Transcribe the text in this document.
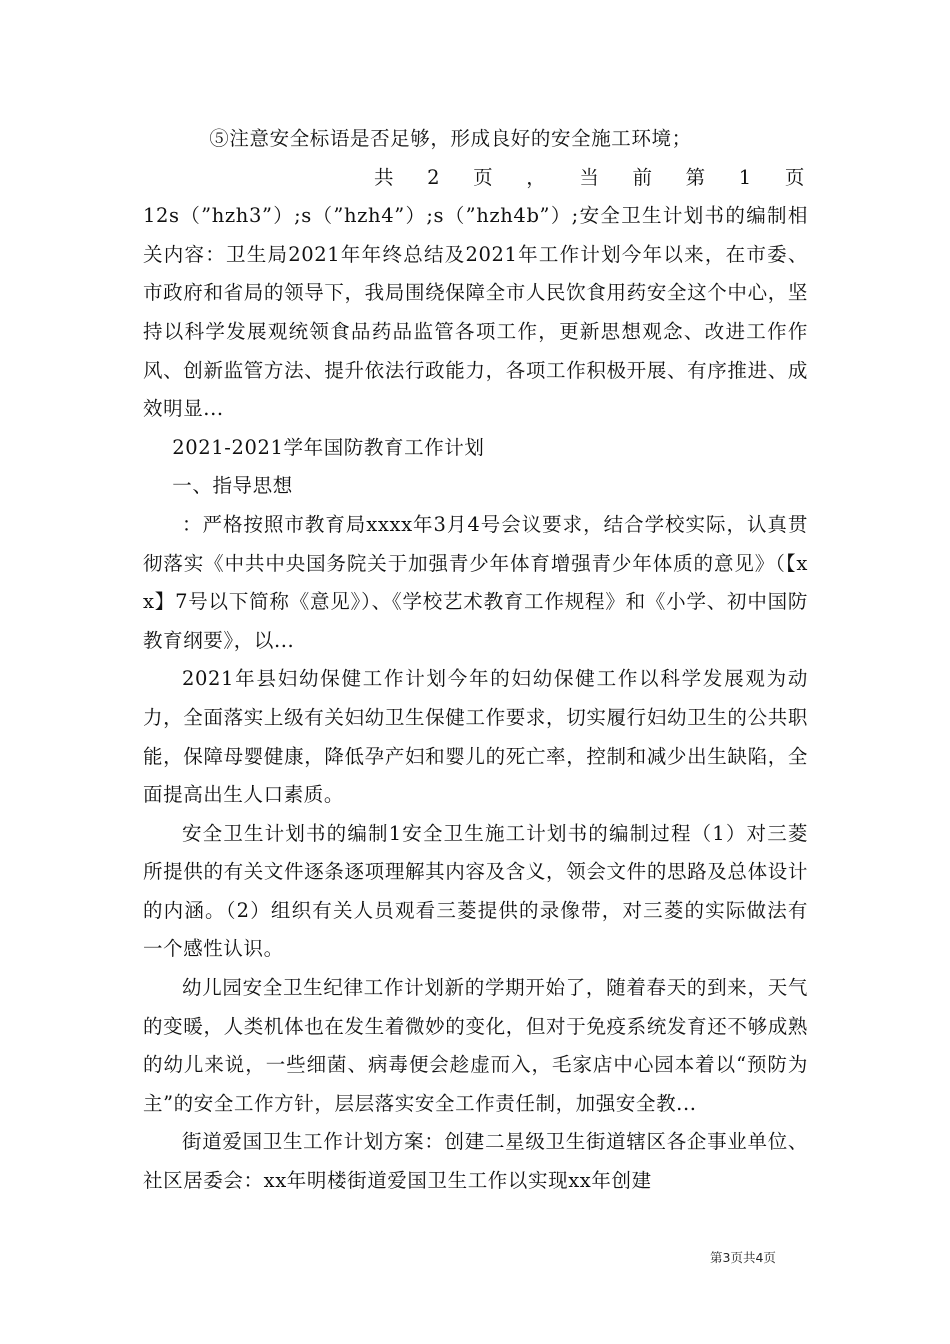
⑤注意安全标语是否足够，形成良好的安全施工环境；

共 2 页 ， 当 前 第 1 页

12s（”hzh3”）;s（”hzh4”）;s（”hzh4b”）;安全卫生计划书的编制相关内容：卫生局2021年年终总结及2021年工作计划今年以来，在市委、市政府和省局的领导下，我局围绕保障全市人民饮食用药安全这个中心，坚持以科学发展观统领食品药品监管各项工作，更新思想观念、改进工作作风、创新监管方法、提升依法行政能力，各项工作积极开展、有序推进、成效明显...

2021-2021学年国防教育工作计划

一、指导思想

：严格按照市教育局xxxx年3月4号会议要求，结合学校实际，认真贯彻落实《中共中央国务院关于加强青少年体育增强青少年体质的意见》（【xx】7号以下简称《意见》）、《学校艺术教育工作规程》和《小学、初中国防教育纲要》，以...

2021年县妇幼保健工作计划今年的妇幼保健工作以科学发展观为动力，全面落实上级有关妇幼卫生保健工作要求，切实履行妇幼卫生的公共职能，保障母婴健康，降低孕产妇和婴儿的死亡率，控制和减少出生缺陷，全面提高出生人口素质。

安全卫生计划书的编制1安全卫生施工计划书的编制过程（1）对三菱所提供的有关文件逐条逐项理解其内容及含义，领会文件的思路及总体设计的内涵。（2）组织有关人员观看三菱提供的录像带，对三菱的实际做法有一个感性认识。

幼儿园安全卫生纪律工作计划新的学期开始了，随着春天的到来，天气的变暖，人类机体也在发生着微妙的变化，但对于免疫系统发育还不够成熟的幼儿来说，一些细菌、病毒便会趁虚而入，毛家店中心园本着以“预防为主”的安全工作方针，层层落实安全工作责任制，加强安全教...

街道爱国卫生工作计划方案：创建二星级卫生街道辖区各企事业单位、社区居委会：xx年明楼街道爱国卫生工作以实现xx年创建

第3页共4页
